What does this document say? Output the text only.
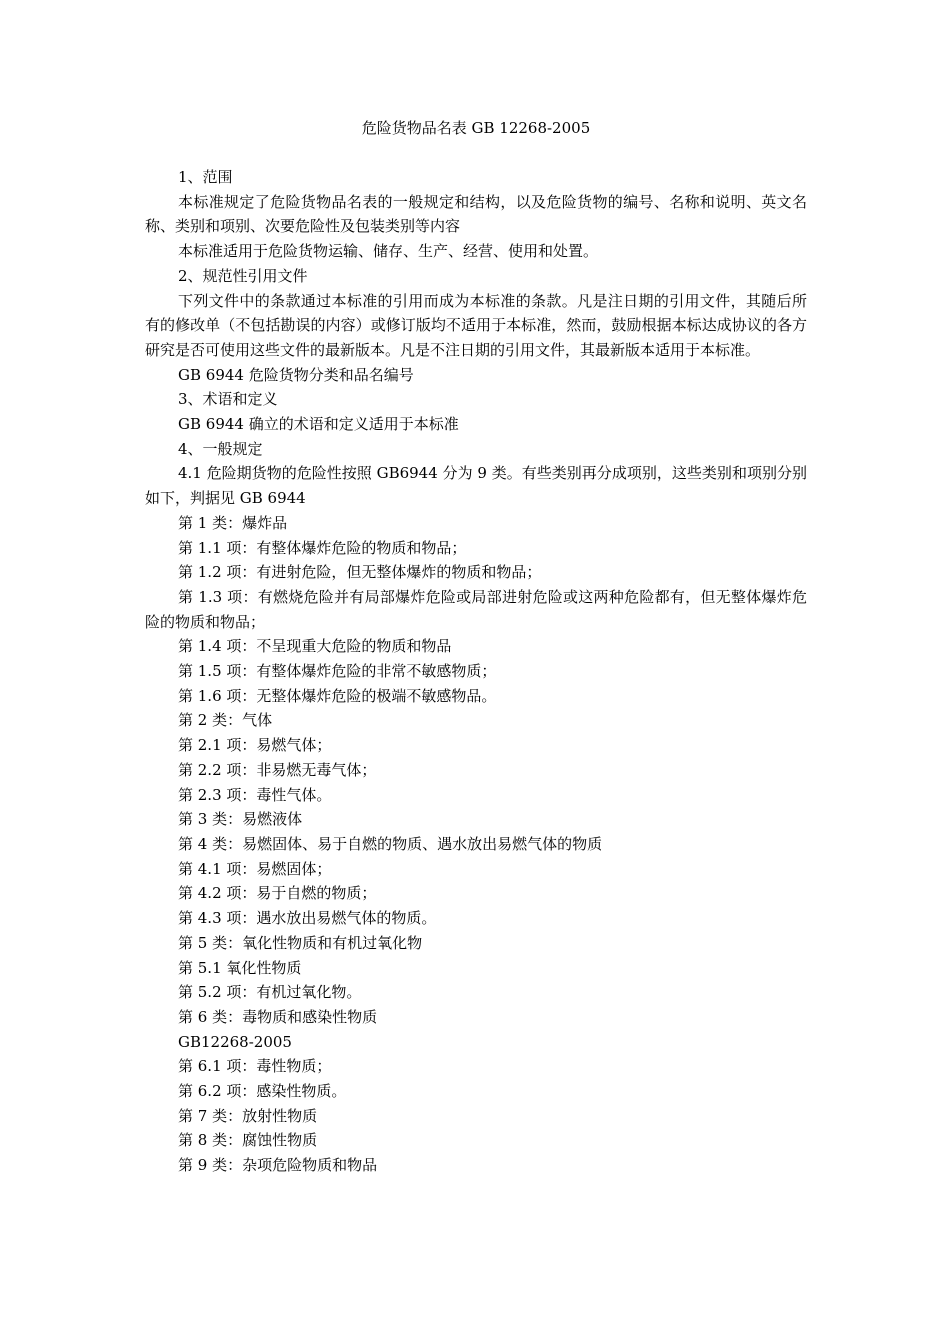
危险货物品名表 GB 12268-2005

1、范围

本标准规定了危险货物品名表的一般规定和结构，以及危险货物的编号、名称和说明、英文名称、类别和项别、次要危险性及包装类别等内容

本标准适用于危险货物运输、储存、生产、经营、使用和处置。

2、规范性引用文件

下列文件中的条款通过本标准的引用而成为本标准的条款。凡是注日期的引用文件，其随后所有的修改单（不包括勘误的内容）或修订版均不适用于本标准，然而，鼓励根据本标达成协议的各方研究是否可使用这些文件的最新版本。凡是不注日期的引用文件，其最新版本适用于本标准。

GB 6944 危险货物分类和品名编号

3、术语和定义

GB 6944 确立的术语和定义适用于本标准

4、一般规定

4.1 危险期货物的危险性按照 GB6944 分为 9 类。有些类别再分成项别，这些类别和项别分别如下，判据见 GB 6944

第 1 类：爆炸品

第 1.1 项：有整体爆炸危险的物质和物品；

第 1.2 项：有进射危险，但无整体爆炸的物质和物品；

第 1.3 项：有燃烧危险并有局部爆炸危险或局部进射危险或这两种危险都有，但无整体爆炸危险的物质和物品；

第 1.4 项：不呈现重大危险的物质和物品

第 1.5 项：有整体爆炸危险的非常不敏感物质；

第 1.6 项：无整体爆炸危险的极端不敏感物品。

第 2 类：气体

第 2.1 项：易燃气体；

第 2.2 项：非易燃无毒气体；

第 2.3 项：毒性气体。

第 3 类：易燃液体

第 4 类：易燃固体、易于自燃的物质、遇水放出易燃气体的物质

第 4.1 项：易燃固体；

第 4.2 项：易于自燃的物质；

第 4.3 项：遇水放出易燃气体的物质。

第 5 类：氧化性物质和有机过氧化物

第 5.1 氧化性物质

第 5.2 项：有机过氧化物。

第 6 类：毒物质和感染性物质

GB12268-2005

第 6.1 项：毒性物质；

第 6.2 项：感染性物质。

第 7 类：放射性物质

第 8 类：腐蚀性物质

第 9 类：杂项危险物质和物品
